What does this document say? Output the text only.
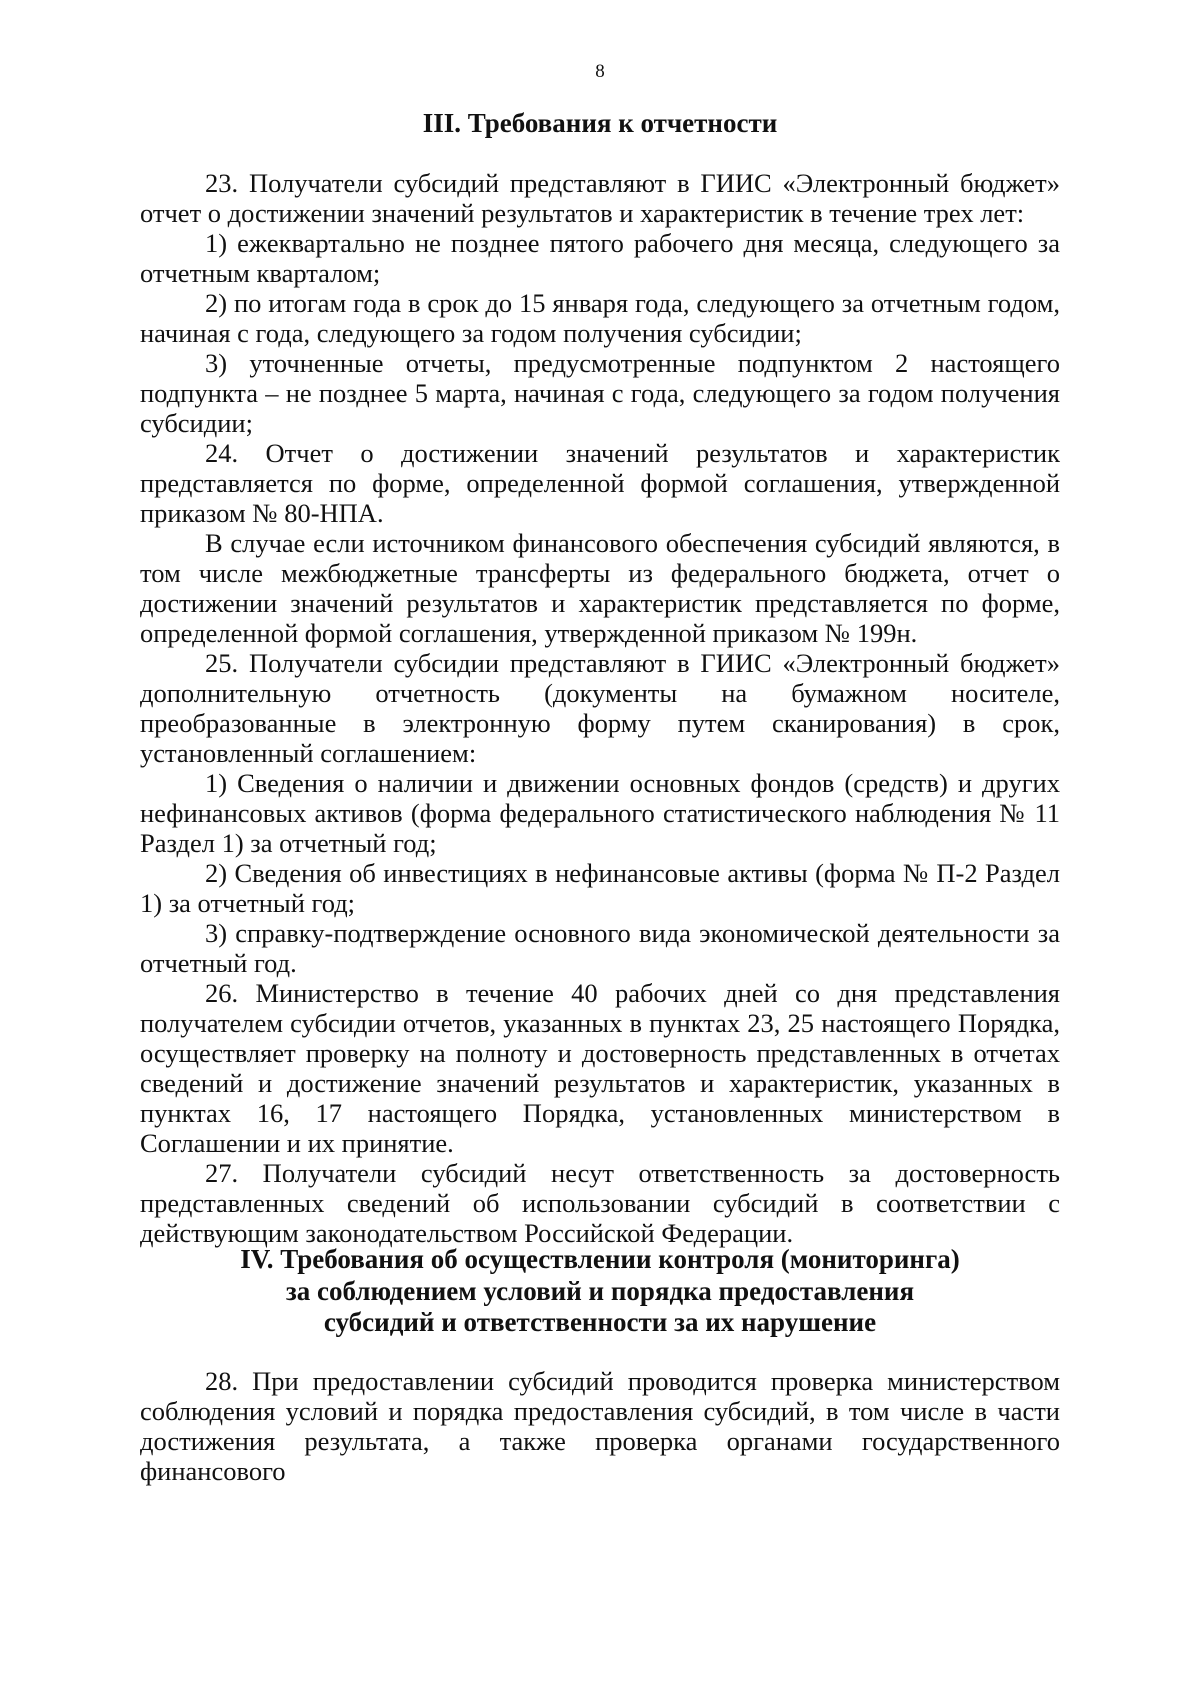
8
III. Требования к отчетности

23. Получатели субсидий представляют в ГИИС «Электронный бюджет» отчет о достижении значений результатов и характеристик в течение трех лет:

1) ежеквартально не позднее пятого рабочего дня месяца, следующего за отчетным кварталом;

2) по итогам года в срок до 15 января года, следующего за отчетным годом, начиная с года, следующего за годом получения субсидии;

3) уточненные отчеты, предусмотренные подпунктом 2 настоящего подпункта – не позднее 5 марта, начиная с года, следующего за годом получения субсидии;

24. Отчет о достижении значений результатов и характеристик представляется по форме, определенной формой соглашения, утвержденной приказом № 80-НПА.

В случае если источником финансового обеспечения субсидий являются, в том числе межбюджетные трансферты из федерального бюджета, отчет о достижении значений результатов и характеристик представляется по форме, определенной формой соглашения, утвержденной приказом № 199н.

25. Получатели субсидии представляют в ГИИС «Электронный бюджет» дополнительную отчетность (документы на бумажном носителе, преобразованные в электронную форму путем сканирования) в срок, установленный соглашением:

1) Сведения о наличии и движении основных фондов (средств) и других нефинансовых активов (форма федерального статистического наблюдения № 11 Раздел 1) за отчетный год;

2) Сведения об инвестициях в нефинансовые активы (форма № П-2 Раздел 1) за отчетный год;

3) справку-подтверждение основного вида экономической деятельности за отчетный год.

26. Министерство в течение 40 рабочих дней со дня представления получателем субсидии отчетов, указанных в пунктах 23, 25 настоящего Порядка, осуществляет проверку на полноту и достоверность представленных в отчетах сведений и достижение значений результатов и характеристик, указанных в пунктах 16, 17 настоящего Порядка, установленных министерством в Соглашении и их принятие.

27. Получатели субсидий несут ответственность за достоверность представленных сведений об использовании субсидий в соответствии с действующим законодательством Российской Федерации.

IV. Требования об осуществлении контроля (мониторинга)
за соблюдением условий и порядка предоставления
субсидий и ответственности за их нарушение

28. При предоставлении субсидий проводится проверка министерством соблюдения условий и порядка предоставления субсидий, в том числе в части достижения результата, а также проверка органами государственного финансового
